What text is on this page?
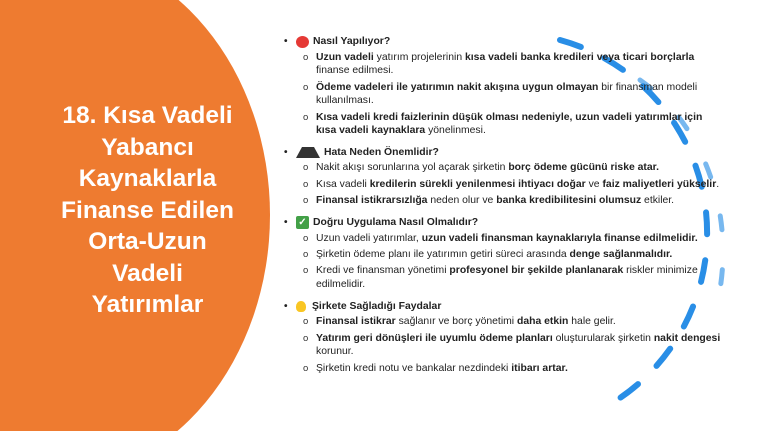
18. Kısa Vadeli
Yabancı
Kaynaklarla
Finanse Edilen
Orta-Uzun
Vadeli
Yatırımlar
•	Nasıl Yapılıyor?
o Uzun vadeli yatırım projelerinin kısa vadeli banka kredileri veya ticari borçlarla finanse edilmesi.
o Ödeme vadeleri ile yatırımın nakit akışına uygun olmayan bir finansman modeli kullanılması.
o Kısa vadeli kredi faizlerinin düşük olması nedeniyle, uzun vadeli yatırımlar için kısa vadeli kaynaklara yönelinmesi.
•	Hata Neden Önemlidir?
o Nakit akışı sorunlarına yol açarak şirketin borç ödeme gücünü riske atar.
o Kısa vadeli kredilerin sürekli yenilenmesi ihtiyacı doğar ve faiz maliyetleri yükselir.
o Finansal istikrarsızlığa neden olur ve banka kredibilitesini olumsuz etkiler.
•	✓ Doğru Uygulama Nasıl Olmalıdır?
o Uzun vadeli yatırımlar, uzun vadeli finansman kaynaklarıyla finanse edilmelidir.
o Şirketin ödeme planı ile yatırımın getiri süreci arasında denge sağlanmalıdır.
o Kredi ve finansman yönetimi profesyonel bir şekilde planlanarak riskler minimize edilmelidir.
•	Şirkete Sağladığı Faydalar
o Finansal istikrar sağlanır ve borç yönetimi daha etkin hale gelir.
o Yatırım geri dönüşleri ile uyumlu ödeme planları oluşturularak şirketin nakit dengesi korunur.
o Şirketin kredi notu ve bankalar nezdindeki itibarı artar.
